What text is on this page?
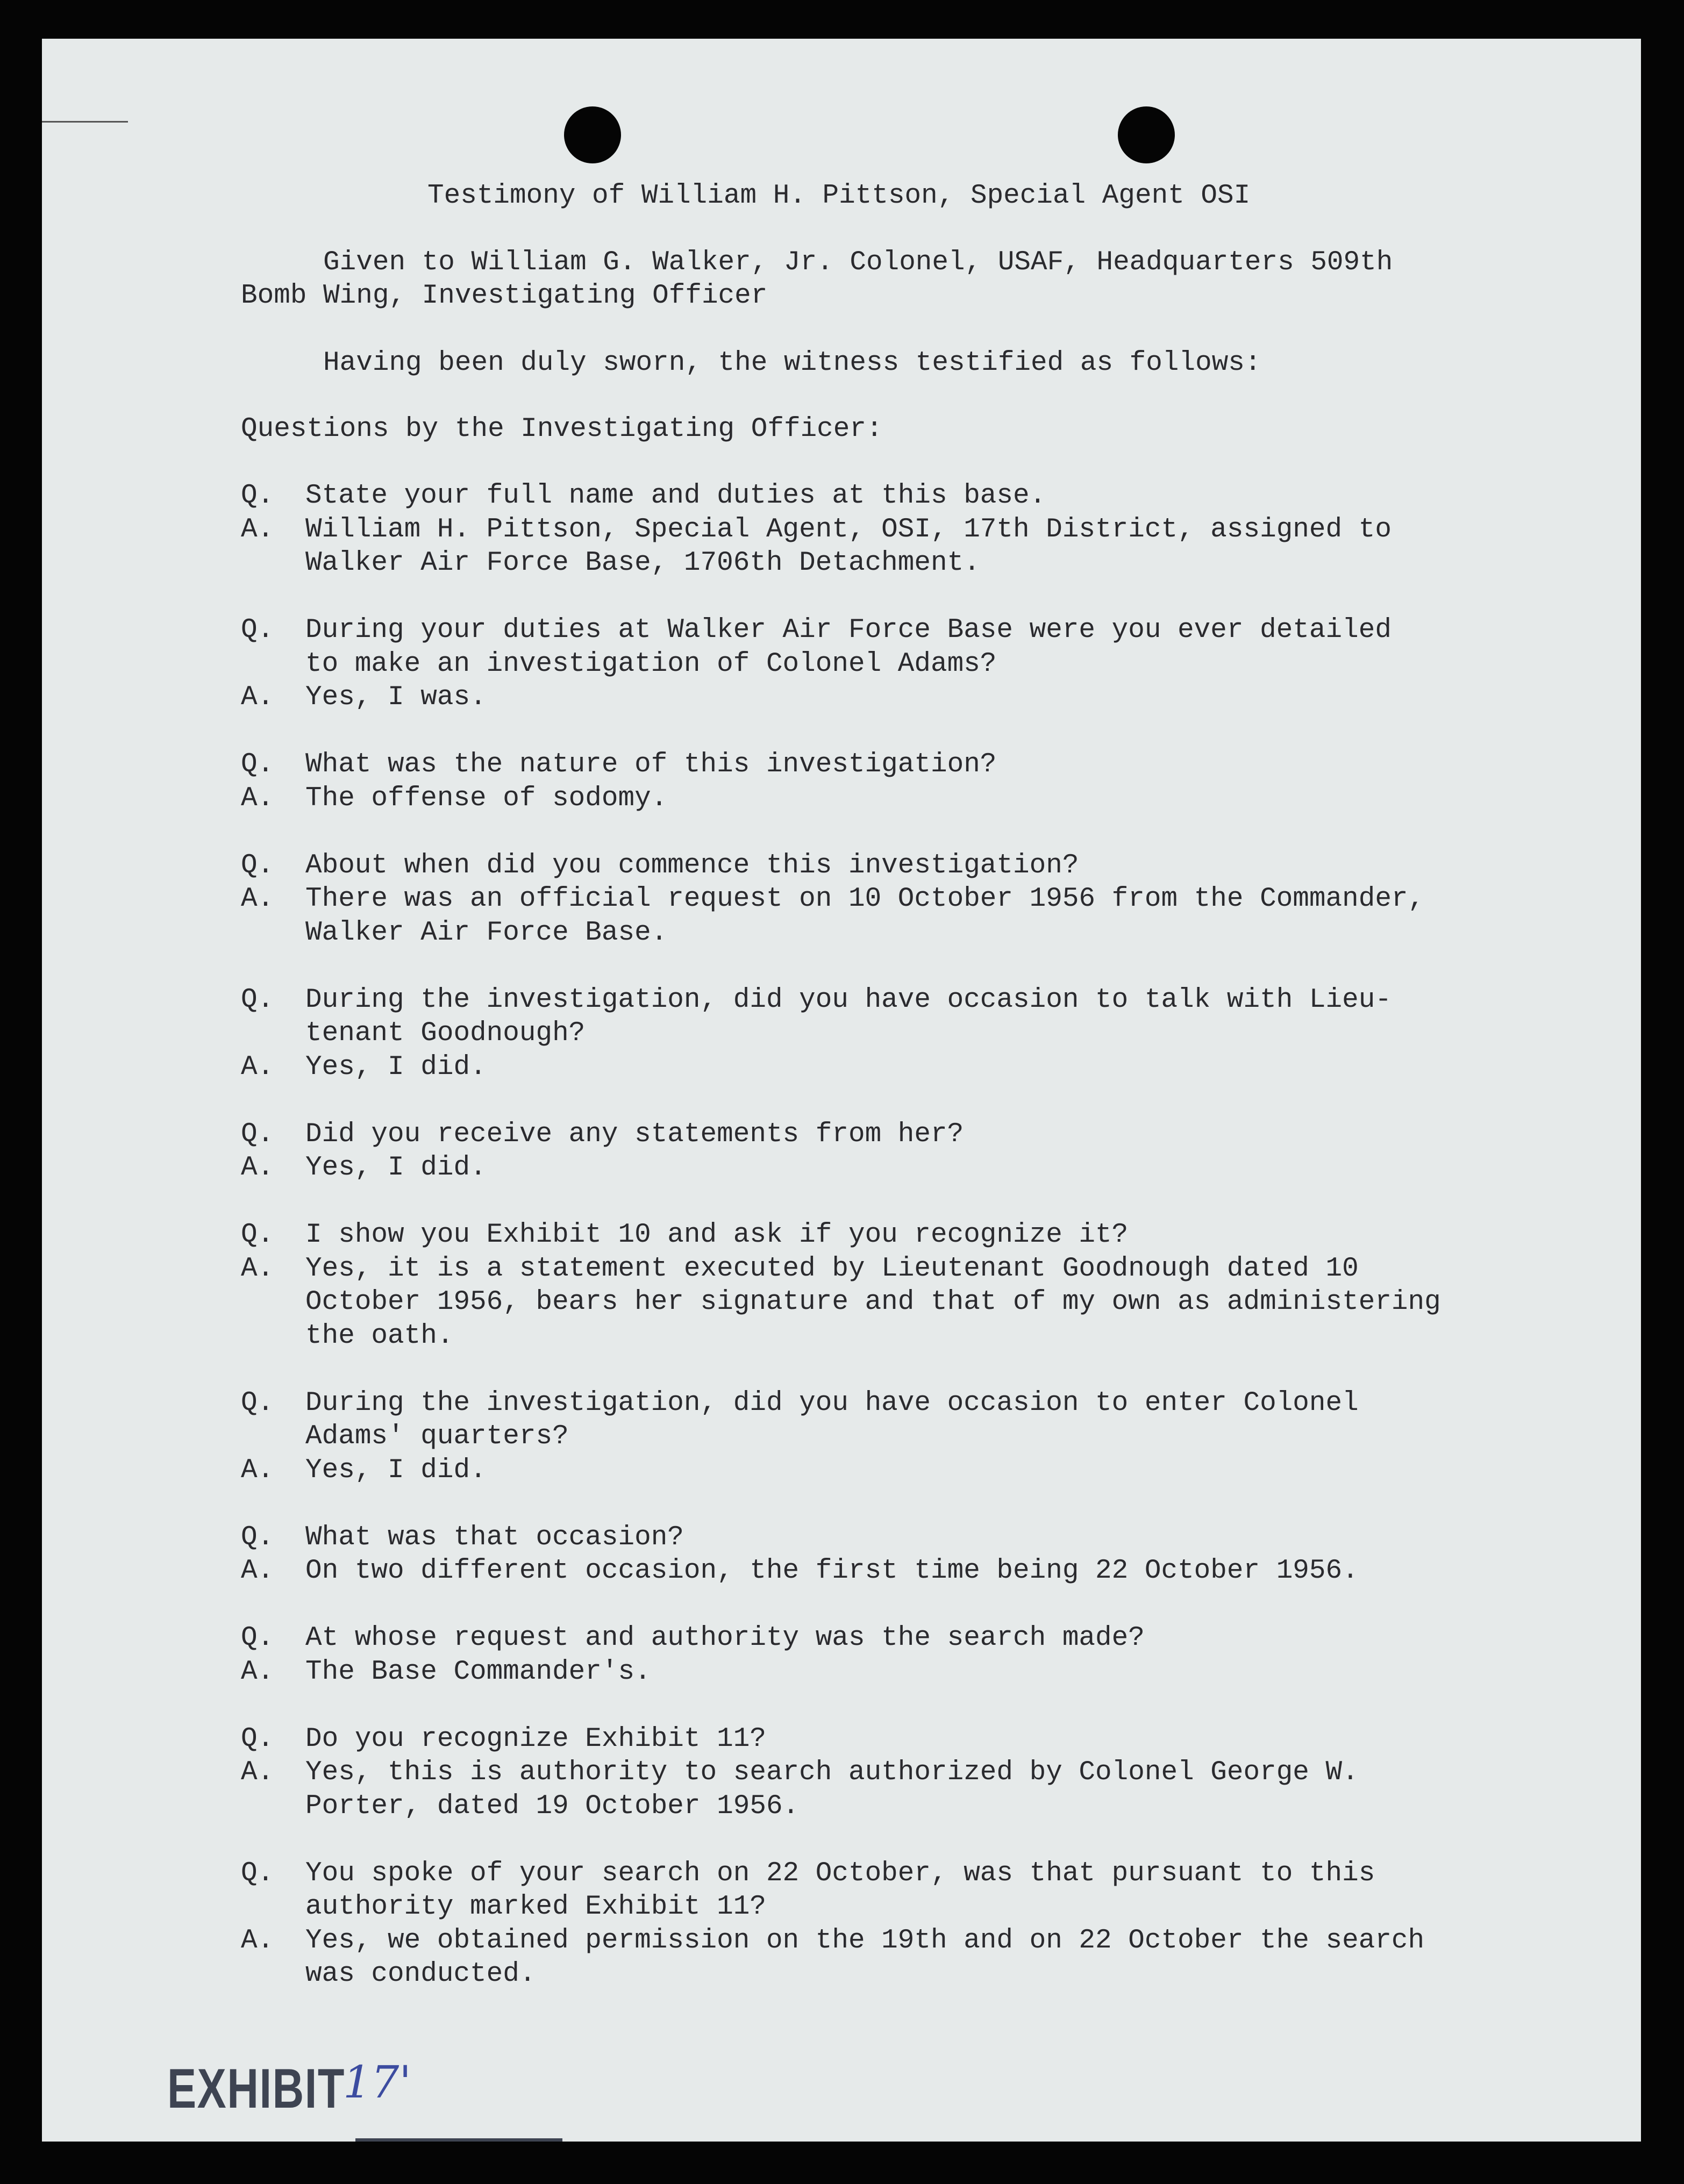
Testimony of William H. Pittson, Special Agent OSI
Given to William G. Walker, Jr. Colonel, USAF, Headquarters 509th
Bomb Wing, Investigating Officer
Having been duly sworn, the witness testified as follows:
Questions by the Investigating Officer:
Q.	State your full name and duties at this base.
A.	William H. Pittson, Special Agent, OSI, 17th District, assigned to
Walker Air Force Base, 1706th Detachment.
Q.	During your duties at Walker Air Force Base were you ever detailed
to make an investigation of Colonel Adams?
A.	Yes, I was.
Q.	What was the nature of this investigation?
A.	The offense of sodomy.
Q.	About when did you commence this investigation?
A.	There was an official request on 10 October 1956 from the Commander,
Walker Air Force Base.
Q.	During the investigation, did you have occasion to talk with Lieu-
tenant Goodnough?
A.	Yes, I did.
Q.	Did you receive any statements from her?
A.	Yes, I did.
Q.	I show you Exhibit 10 and ask if you recognize it?
A.	Yes, it is a statement executed by Lieutenant Goodnough dated 10
October 1956, bears her signature and that of my own as administering
the oath.
Q.	During the investigation, did you have occasion to enter Colonel
Adams' quarters?
A.	Yes, I did.
Q.	What was that occasion?
A.	On two different occasion, the first time being 22 October 1956.
Q.	At whose request and authority was the search made?
A.	The Base Commander's.
Q.	Do you recognize Exhibit 11?
A.	Yes, this is authority to search authorized by Colonel George W.
Porter, dated 19 October 1956.
Q.	You spoke of your search on 22 October, was that pursuant to this
authority marked Exhibit 11?
A.	Yes, we obtained permission on the 19th and on 22 October the search
was conducted.
EXHIBIT
17'
